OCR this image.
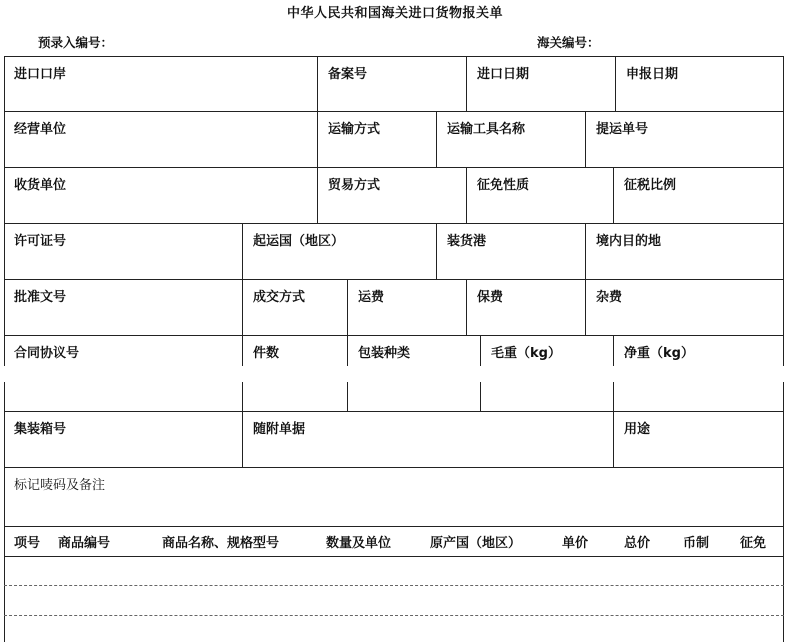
中华人民共和国海关进口货物报关单
预录入编号：	海关编号：
进口口岸	备案号	进口日期	申报日期
经营单位	运输方式	运输工具名称	提运单号
收货单位	贸易方式	征免性质	征税比例
许可证号	起运国（地区）	装货港	境内目的地
批准文号	成交方式	运费	保费	杂费
合同协议号	件数	包装种类	毛重（kg）	净重（kg）
集装箱号	随附单据	用途
标记唛码及备注
项号 商品编号	商品名称、规格型号	数量及单位	原产国（地区）	单价	总价	币制 征免
